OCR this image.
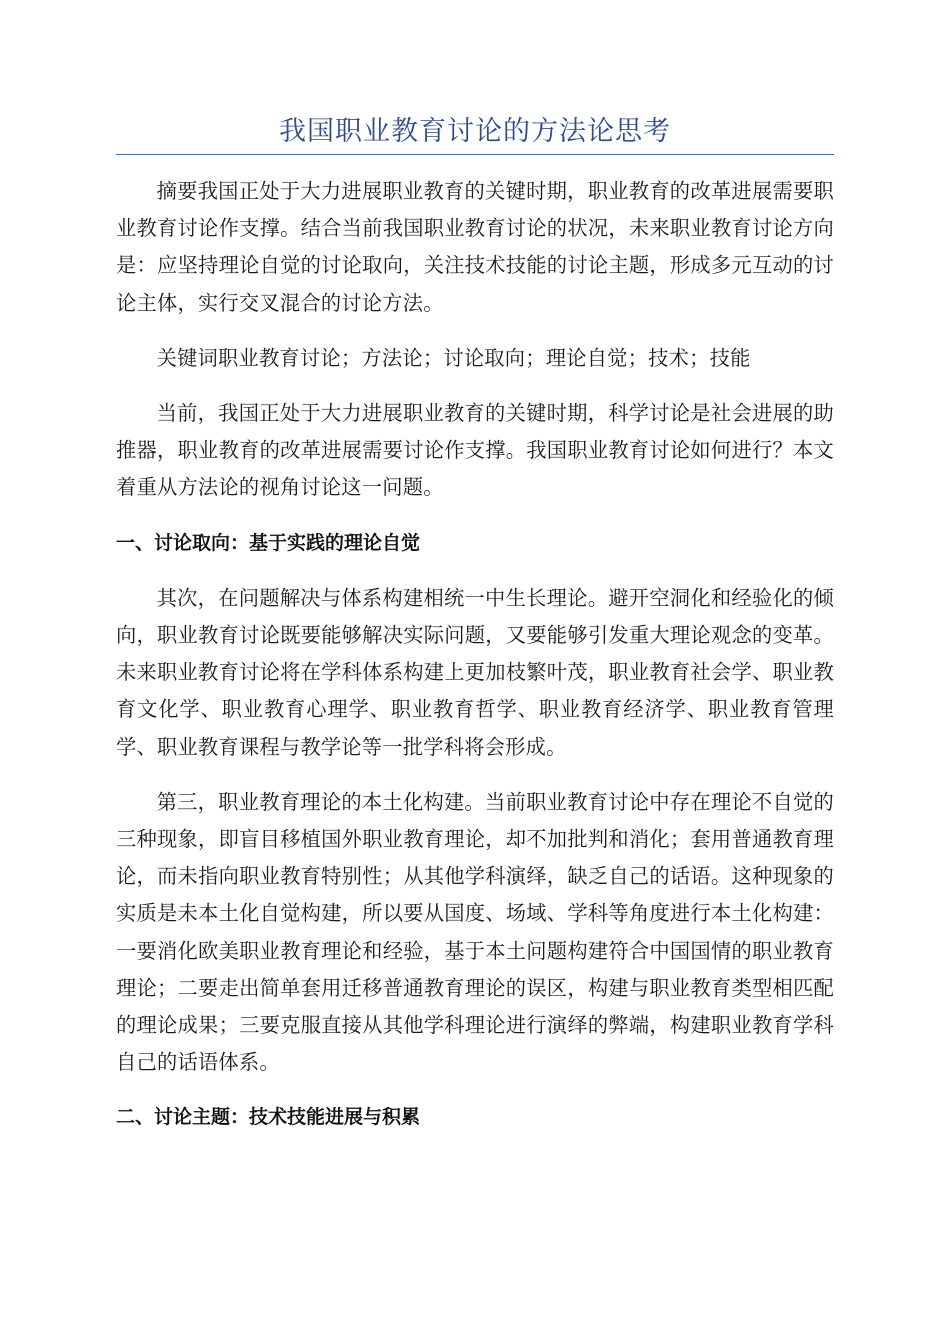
我国职业教育讨论的方法论思考

摘要我国正处于大力进展职业教育的关键时期，职业教育的改革进展需要职业教育讨论作支撑。结合当前我国职业教育讨论的状况，未来职业教育讨论方向是：应坚持理论自觉的讨论取向，关注技术技能的讨论主题，形成多元互动的讨论主体，实行交叉混合的讨论方法。

关键词职业教育讨论；方法论；讨论取向；理论自觉；技术；技能

当前，我国正处于大力进展职业教育的关键时期，科学讨论是社会进展的助推器，职业教育的改革进展需要讨论作支撑。我国职业教育讨论如何进行？本文着重从方法论的视角讨论这一问题。

一、讨论取向：基于实践的理论自觉

其次，在问题解决与体系构建相统一中生长理论。避开空洞化和经验化的倾向，职业教育讨论既要能够解决实际问题，又要能够引发重大理论观念的变革。未来职业教育讨论将在学科体系构建上更加枝繁叶茂，职业教育社会学、职业教育文化学、职业教育心理学、职业教育哲学、职业教育经济学、职业教育管理学、职业教育课程与教学论等一批学科将会形成。

第三，职业教育理论的本土化构建。当前职业教育讨论中存在理论不自觉的三种现象，即盲目移植国外职业教育理论，却不加批判和消化；套用普通教育理论，而未指向职业教育特别性；从其他学科演绎，缺乏自己的话语。这种现象的实质是未本土化自觉构建，所以要从国度、场域、学科等角度进行本土化构建：一要消化欧美职业教育理论和经验，基于本土问题构建符合中国国情的职业教育理论；二要走出简单套用迁移普通教育理论的误区，构建与职业教育类型相匹配的理论成果；三要克服直接从其他学科理论进行演绎的弊端，构建职业教育学科自己的话语体系。

二、讨论主题：技术技能进展与积累
